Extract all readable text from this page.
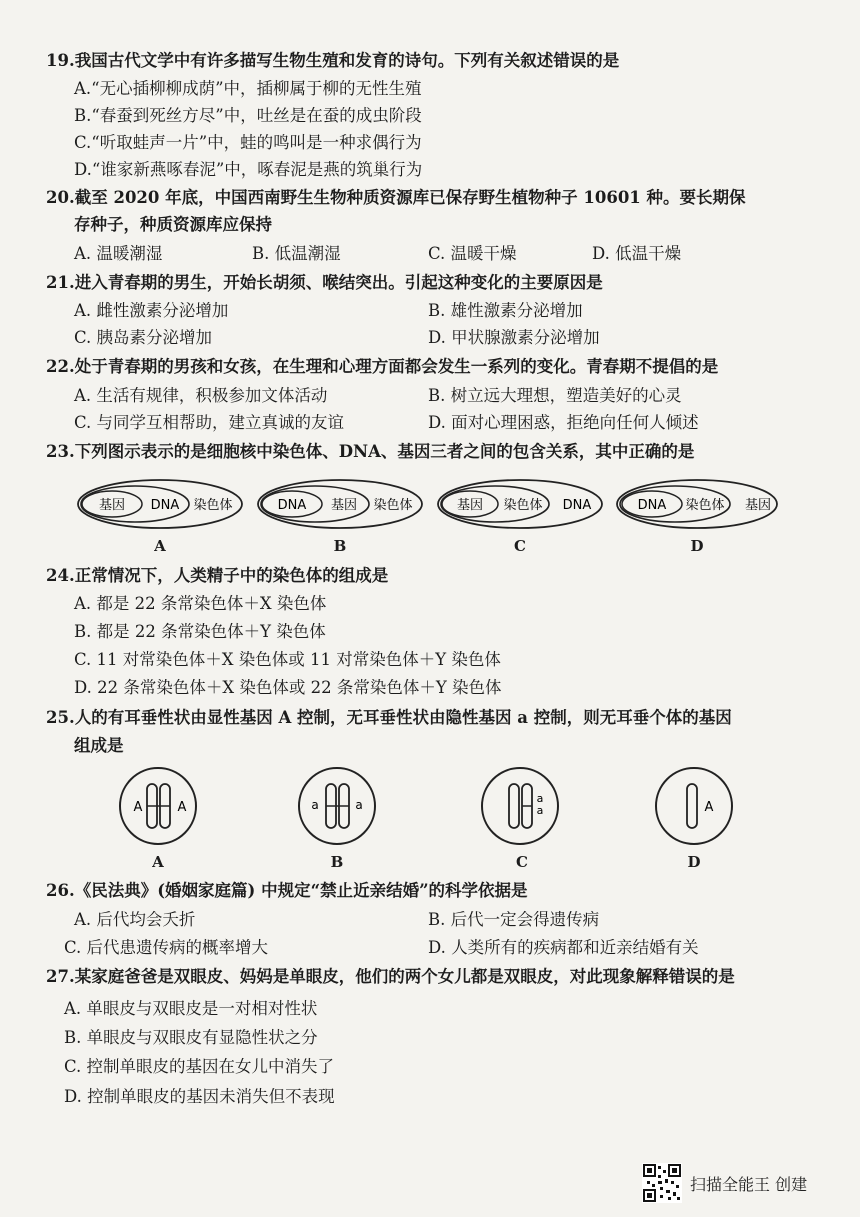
19.我国古代文学中有许多描写生物生殖和发育的诗句。下列有关叙述错误的是
A.“无心插柳柳成荫”中，插柳属于柳的无性生殖
B.“春蚕到死丝方尽”中，吐丝是在蚕的成虫阶段
C.“听取蛙声一片”中，蛙的鸣叫是一种求偶行为
D.“谁家新燕啄春泥”中，啄春泥是燕的筑巢行为
20.截至 2020 年底，中国西南野生生物种质资源库已保存野生植物种子 10601 种。要长期保
存种子，种质资源库应保持
A. 温暖潮湿	B. 低温潮湿	C. 温暖干燥	D. 低温干燥
21.进入青春期的男生，开始长胡须、喉结突出。引起这种变化的主要原因是
A. 雌性激素分泌增加	B. 雄性激素分泌增加
C. 胰岛素分泌增加	D. 甲状腺激素分泌增加
22.处于青春期的男孩和女孩，在生理和心理方面都会发生一系列的变化。青春期不提倡的是
A. 生活有规律，积极参加文体活动	B. 树立远大理想，塑造美好的心灵
C. 与同学互相帮助，建立真诚的友谊	D. 面对心理困惑，拒绝向任何人倾述
23.下列图示表示的是细胞核中染色体、DNA、基因三者之间的包含关系，其中正确的是
基因 DNA 染色体	DNA 基因 染色体	基因 染色体 DNA	DNA 染色体 基因
A	B	C	D
24.正常情况下，人类精子中的染色体的组成是
A. 都是 22 条常染色体＋X 染色体
B. 都是 22 条常染色体＋Y 染色体
C. 11 对常染色体＋X 染色体或 11 对常染色体＋Y 染色体
D. 22 条常染色体＋X 染色体或 22 条常染色体＋Y 染色体
25.人的有耳垂性状由显性基因 A 控制，无耳垂性状由隐性基因 a 控制，则无耳垂个体的基因
组成是
A	A	a	a	a
a	A
A	B	C	D
26.《民法典》(婚姻家庭篇) 中规定“禁止近亲结婚”的科学依据是
A. 后代均会夭折	B. 后代一定会得遗传病
C. 后代患遗传病的概率增大	D. 人类所有的疾病都和近亲结婚有关
27.某家庭爸爸是双眼皮、妈妈是单眼皮，他们的两个女儿都是双眼皮，对此现象解释错误的是
A. 单眼皮与双眼皮是一对相对性状
B. 单眼皮与双眼皮有显隐性状之分
C. 控制单眼皮的基因在女儿中消失了
D. 控制单眼皮的基因未消失但不表现
扫描全能王 创建
